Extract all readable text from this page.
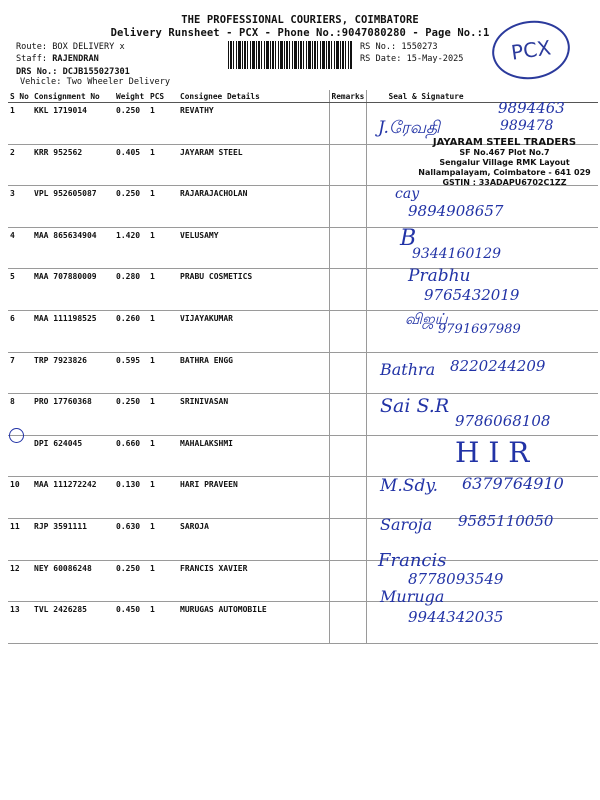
THE PROFESSIONAL COURIERS, COIMBATORE
Delivery Runsheet - PCX - Phone No.:9047080280 - Page No.:1
Route: BOX DELIVERY x
Staff: RAJENDRAN
DRS No.: DCJB155027301
Vehicle: Two Wheeler Delivery
RS No.: 1550273
RS Date: 15-May-2025	PCX
S No	Consignment No	Weight	PCS	Consignee Details	Remarks	Seal & Signature
1	KKL 1719014	0.250	1	REVATHY		
2	KRR 952562	0.405	1	JAYARAM STEEL		
3	VPL 952605087	0.250	1	RAJARAJACHOLAN		
4	MAA 865634904	1.420	1	VELUSAMY		
5	MAA 707880009	0.280	1	PRABU COSMETICS		
6	MAA 111198525	0.260	1	VIJAYAKUMAR		
7	TRP 7923826	0.595	1	BATHRA ENGG		
8	PRO 17760368	0.250	1	SRINIVASAN		
	DPI 624045	0.660	1	MAHALAKSHMI		
10	MAA 111272242	0.130	1	HARI PRAVEEN		
11	RJP 3591111	0.630	1	SAROJA		
12	NEY 60086248	0.250	1	FRANCIS XAVIER		
13	TVL 2426285	0.450	1	MURUGAS AUTOMOBILE		
JAYARAM STEEL TRADERS
SF No.467 Plot No.7
Sengalur Village RMK Layout
Nallampalayam, Coimbatore - 641 029
GSTIN : 33ADAPU6702C1ZZ
9894463
J.ரேவதி	989478
cay
9894908657
B
9344160129
Prabhu
9765432019
விஜய்
9791697989
Bathra 8220244209
Sai S.R
9786068108
H I R
M.Sdy. 6379764910
Saroja 9585110050
Francis
8778093549
Muruga
9944342035
